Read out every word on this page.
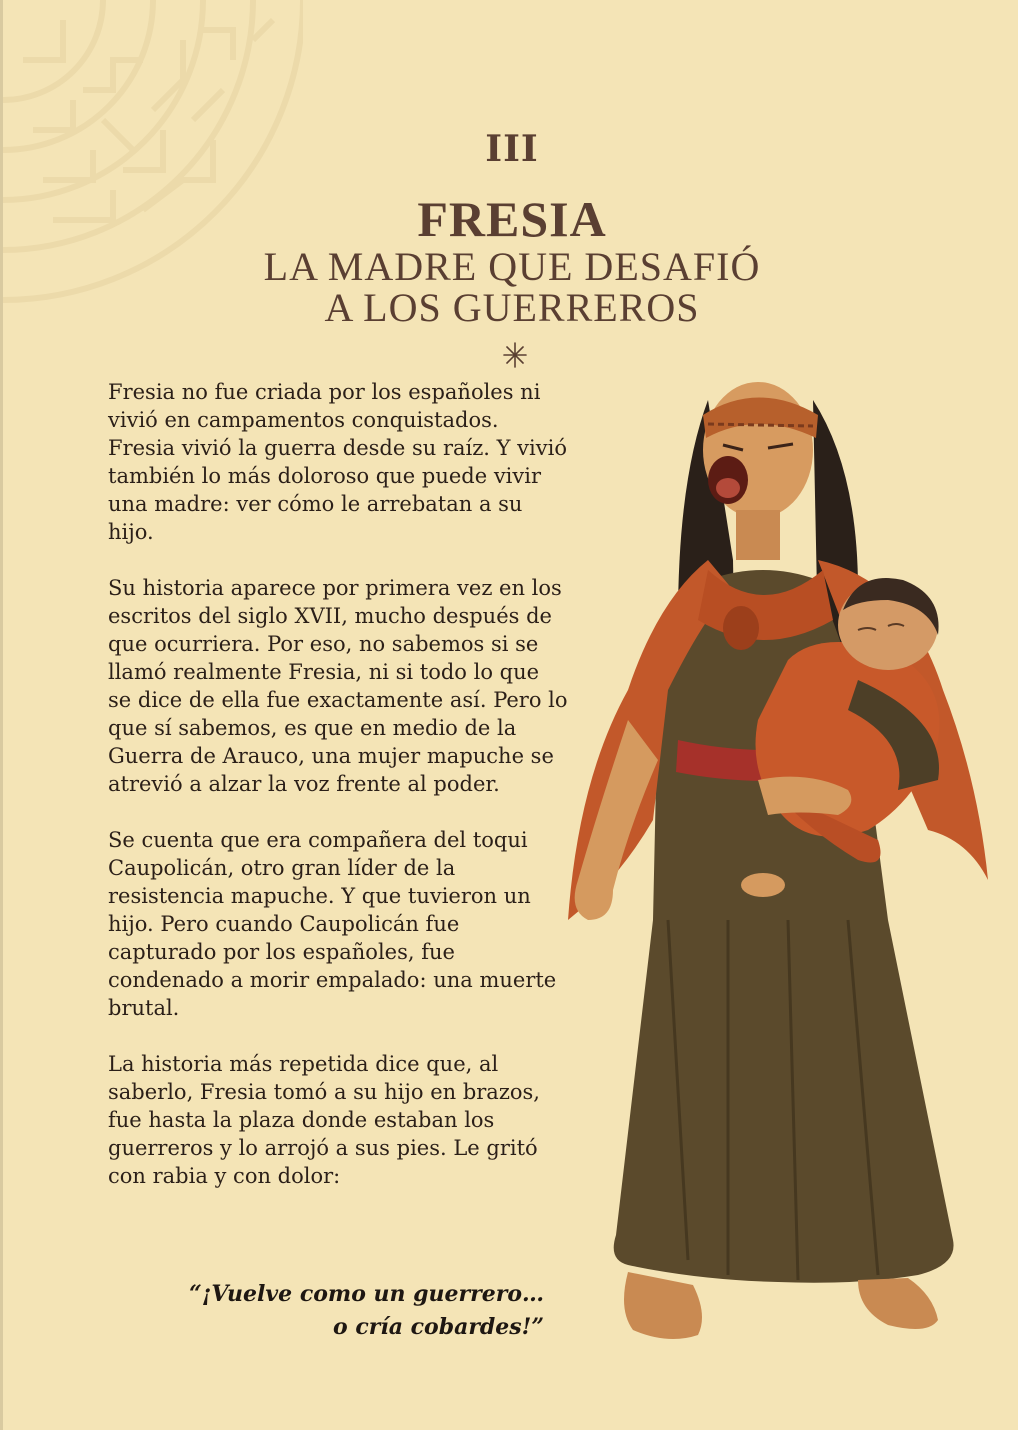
III
FRESIA
LA MADRE QUE DESAFIÓ
A LOS GUERREROS

Fresia no fue criada por los españoles ni vivió en campamentos conquistados. Fresia vivió la guerra desde su raíz. Y vivió también lo más doloroso que puede vivir una madre: ver cómo le arrebatan a su hijo.

Su historia aparece por primera vez en los escritos del siglo XVII, mucho después de que ocurriera. Por eso, no sabemos si se llamó realmente Fresia, ni si todo lo que se dice de ella fue exactamente así. Pero lo que sí sabemos, es que en medio de la Guerra de Arauco, una mujer mapuche se atrevió a alzar la voz frente al poder.

Se cuenta que era compañera del toqui Caupolicán, otro gran líder de la resistencia mapuche. Y que tuvieron un hijo. Pero cuando Caupolicán fue capturado por los españoles, fue condenado a morir empalado: una muerte brutal.

La historia más repetida dice que, al saberlo, Fresia tomó a su hijo en brazos, fue hasta la plaza donde estaban los guerreros y lo arrojó a sus pies. Le gritó con rabia y con dolor:

“¡Vuelve como un guerrero…
o cría cobardes!”
